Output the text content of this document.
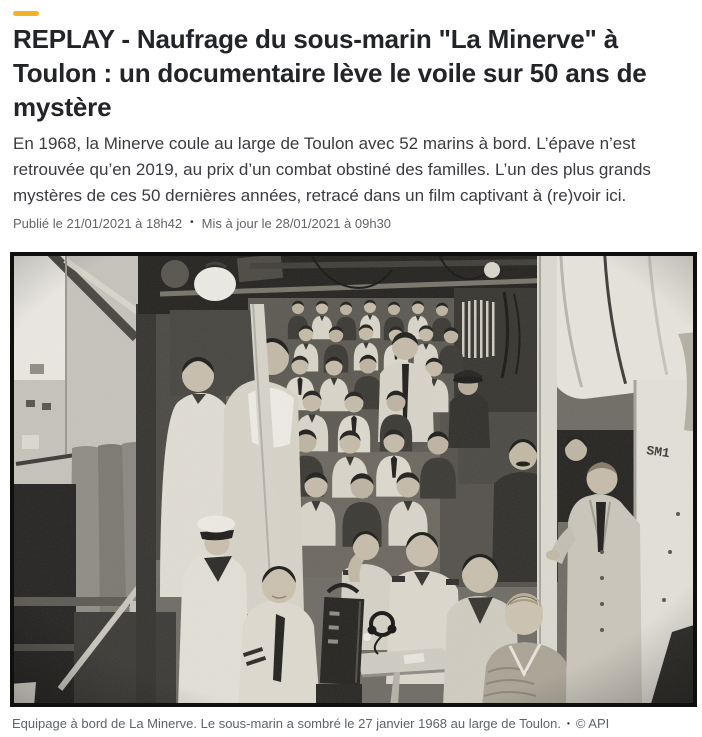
REPLAY - Naufrage du sous-marin "La Minerve" à Toulon : un documentaire lève le voile sur 50 ans de mystère

En 1968, la Minerve coule au large de Toulon avec 52 marins à bord. L’épave n’est retrouvée qu’en 2019, au prix d’un combat obstiné des familles. L’un des plus grands mystères de ces 50 dernières années, retracé dans un film captivant à (re)voir ici.

Publié le 21/01/2021 à 18h42 • Mis à jour le 28/01/2021 à 09h30
Equipage à bord de La Minerve. Le sous-marin a sombré le 27 janvier 1968 au large de Toulon. • © API
